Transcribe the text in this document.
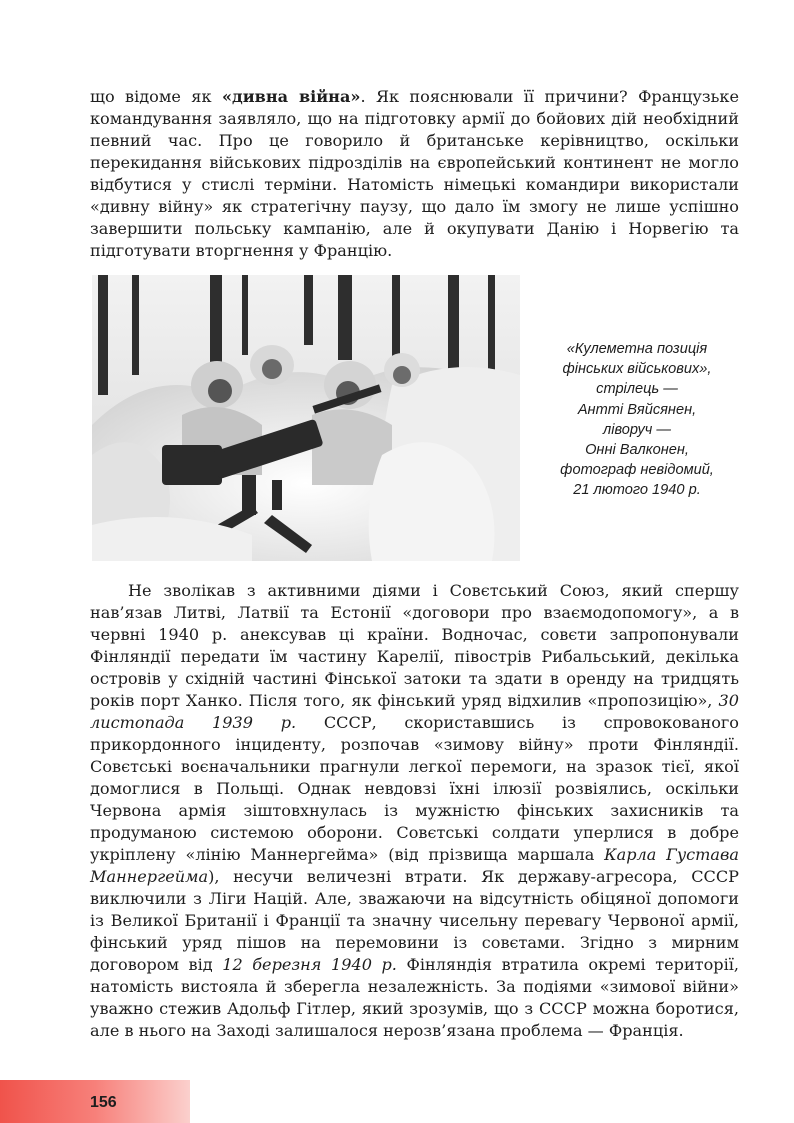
що відоме як «дивна війна». Як пояснювали її причини? Французьке командування заявляло, що на підготовку армії до бойових дій необхідний певний час. Про це говорило й британське керівництво, оскільки перекидання військових підрозділів на європейський континент не могло відбутися у стислі терміни. Натомість німецькі командири використали «дивну війну» як стратегічну паузу, що дало їм змогу не лише успішно завершити польську кампанію, але й окупувати Данію і Норвегію та підготувати вторгнення у Францію.

«Кулеметна позиція
фінських військових»,
стрілець —
Антті Вяйсянен,
ліворуч —
Онні Валконен,
фотограф невідомий,
21 лютого 1940 р.

Не зволікав з активними діями і Совєтський Союз, який спершу нав’язав Литві, Латвії та Естонії «договори про взаємодопомогу», а в червні 1940 р. анексував ці країни. Водночас, совєти запропонували Фінляндії передати їм частину Карелії, півострів Рибальський, декілька островів у східній частині Фінської затоки та здати в оренду на тридцять років порт Ханко. Після того, як фінський уряд відхилив «пропозицію», 30 листопада 1939 р. СССР, скориставшись із спровокованого прикордонного інциденту, розпочав «зимову війну» проти Фінляндії. Совєтські воєначальники прагнули легкої перемоги, на зразок тієї, якої домоглися в Польщі. Однак невдовзі їхні ілюзії розвіялись, оскільки Червона армія зіштовхнулась із мужністю фінських захисників та продуманою системою оборони. Совєтські солдати уперлися в добре укріплену «лінію Маннергейма» (від прізвища маршала Карла Густава Маннергейма), несучи величезні втрати. Як державу-агресора, СССР виключили з Ліги Націй. Але, зважаючи на відсутність обіцяної допомоги із Великої Британії і Франції та значну чисельну перевагу Червоної армії, фінський уряд пішов на перемовини із совєтами. Згідно з мирним договором від 12 березня 1940 р. Фінляндія втратила окремі території, натомість вистояла й зберегла незалежність. За подіями «зимової війни» уважно стежив Адольф Гітлер, який зрозумів, що з СССР можна боротися, але в нього на Заході залишалося нерозв’язана проблема — Франція.

156
